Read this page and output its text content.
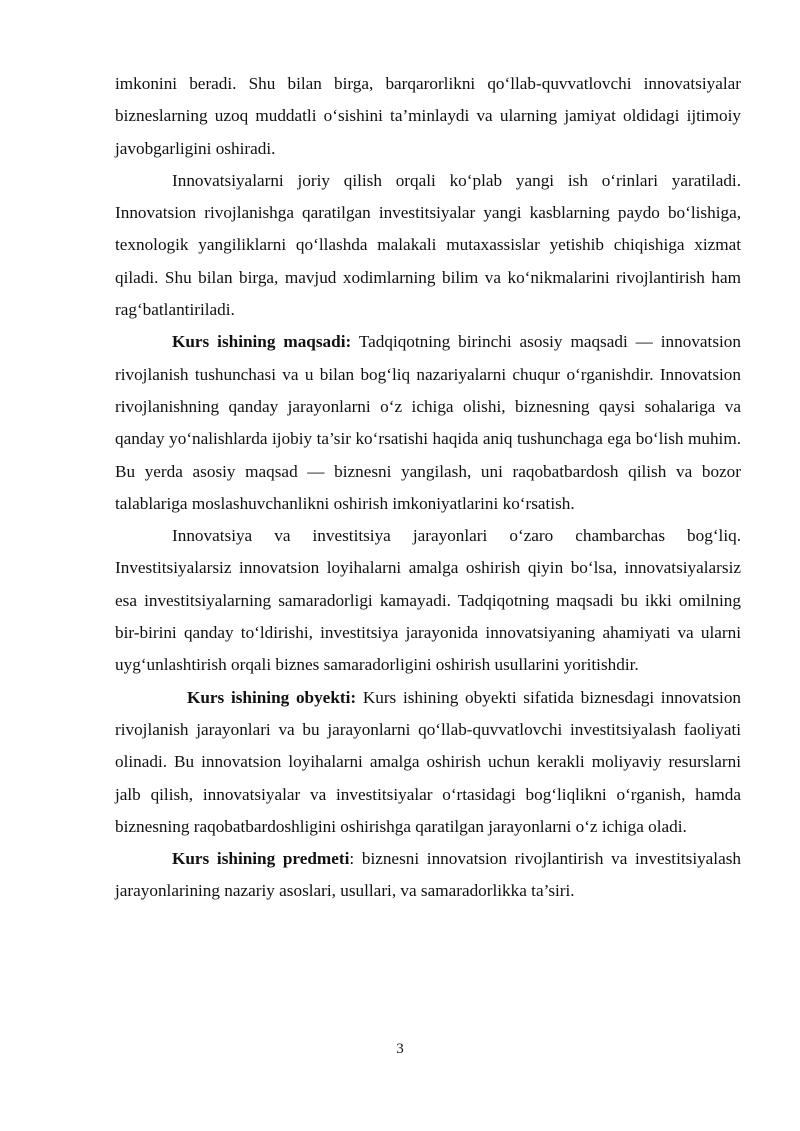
imkonini beradi. Shu bilan birga, barqarorlikni qo‘llab-quvvatlovchi innovatsiyalar bizneslarning uzoq muddatli o‘sishini ta’minlaydi va ularning jamiyat oldidagi ijtimoiy javobgarligini oshiradi.

Innovatsiyalarni joriy qilish orqali ko‘plab yangi ish o‘rinlari yaratiladi. Innovatsion rivojlanishga qaratilgan investitsiyalar yangi kasblarning paydo bo‘lishiga, texnologik yangiliklarni qo‘llashda malakali mutaxassislar yetishib chiqishiga xizmat qiladi. Shu bilan birga, mavjud xodimlarning bilim va ko‘nikmalarini rivojlantirish ham rag‘batlantiriladi.

Kurs ishining maqsadi: Tadqiqotning birinchi asosiy maqsadi — innovatsion rivojlanish tushunchasi va u bilan bog‘liq nazariyalarni chuqur o‘rganishdir. Innovatsion rivojlanishning qanday jarayonlarni o‘z ichiga olishi, biznesning qaysi sohalariga va qanday yo‘nalishlarda ijobiy ta’sir ko‘rsatishi haqida aniq tushunchaga ega bo‘lish muhim. Bu yerda asosiy maqsad — biznesni yangilash, uni raqobatbardosh qilish va bozor talablariga moslashuvchanlikni oshirish imkoniyatlarini ko‘rsatish.

Innovatsiya va investitsiya jarayonlari o‘zaro chambarchas bog‘liq. Investitsiyalarsiz innovatsion loyihalarni amalga oshirish qiyin bo‘lsa, innovatsiyalarsiz esa investitsiyalarning samaradorligi kamayadi. Tadqiqotning maqsadi bu ikki omilning bir-birini qanday to‘ldirishi, investitsiya jarayonida innovatsiyaning ahamiyati va ularni uyg‘unlashtirish orqali biznes samaradorligini oshirish usullarini yoritishdir.

Kurs ishining obyekti: Kurs ishining obyekti sifatida biznesdagi innovatsion rivojlanish jarayonlari va bu jarayonlarni qo‘llab-quvvatlovchi investitsiyalash faoliyati olinadi. Bu innovatsion loyihalarni amalga oshirish uchun kerakli moliyaviy resurslarni jalb qilish, innovatsiyalar va investitsiyalar o‘rtasidagi bog‘liqlikni o‘rganish, hamda biznesning raqobatbardoshligini oshirishga qaratilgan jarayonlarni o‘z ichiga oladi.

Kurs ishining predmeti: biznesni innovatsion rivojlantirish va investitsiyalash jarayonlarining nazariy asoslari, usullari, va samaradorlikka ta’siri.

3
